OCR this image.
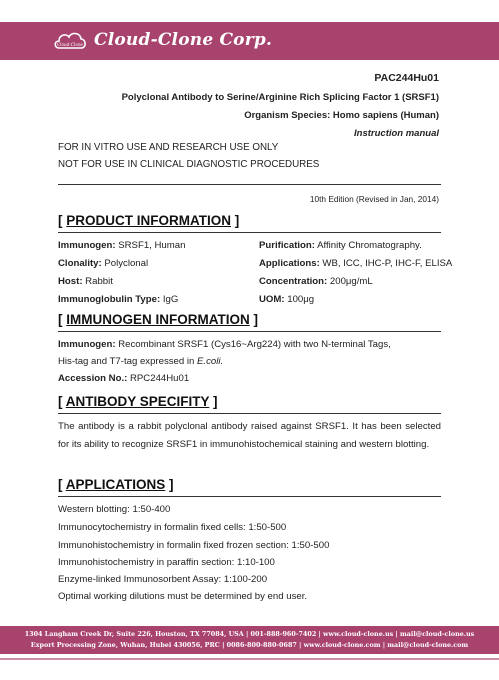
Cloud-Clone Cloud-Clone Corp.
PAC244Hu01
Polyclonal Antibody to Serine/Arginine Rich Splicing Factor 1 (SRSF1)
Organism Species: Homo sapiens (Human)
Instruction manual
FOR IN VITRO USE AND RESEARCH USE ONLY
NOT FOR USE IN CLINICAL DIAGNOSTIC PROCEDURES
10th Edition (Revised in Jan, 2014)
[ PRODUCT INFORMATION ]
Immunogen: SRSF1, Human
Clonality: Polyclonal
Host: Rabbit
Immunoglobulin Type: IgG
Purification: Affinity Chromatography.
Applications: WB, ICC, IHC-P, IHC-F, ELISA
Concentration: 200μg/mL
UOM: 100μg
[ IMMUNOGEN INFORMATION ]
Immunogen: Recombinant SRSF1 (Cys16~Arg224) with two N-terminal Tags,
His-tag and T7-tag expressed in E.coli.
Accession No.: RPC244Hu01
[ ANTIBODY SPECIFITY ]
The antibody is a rabbit polyclonal antibody raised against SRSF1. It has been selected for its ability to recognize SRSF1 in immunohistochemical staining and western blotting.
[ APPLICATIONS ]
Western blotting: 1:50-400
Immunocytochemistry in formalin fixed cells: 1:50-500
Immunohistochemistry in formalin fixed frozen section: 1:50-500
Immunohistochemistry in paraffin section: 1:10-100
Enzyme-linked Immunosorbent Assay: 1:100-200
Optimal working dilutions must be determined by end user.
1304 Langham Creek Dr, Suite 226, Houston, TX 77084, USA | 001-888-960-7402 | www.cloud-clone.us | mail@cloud-clone.us
Export Processing Zone, Wuhan, Hubei 430056, PRC | 0086-800-880-0687 | www.cloud-clone.com | mail@cloud-clone.com
